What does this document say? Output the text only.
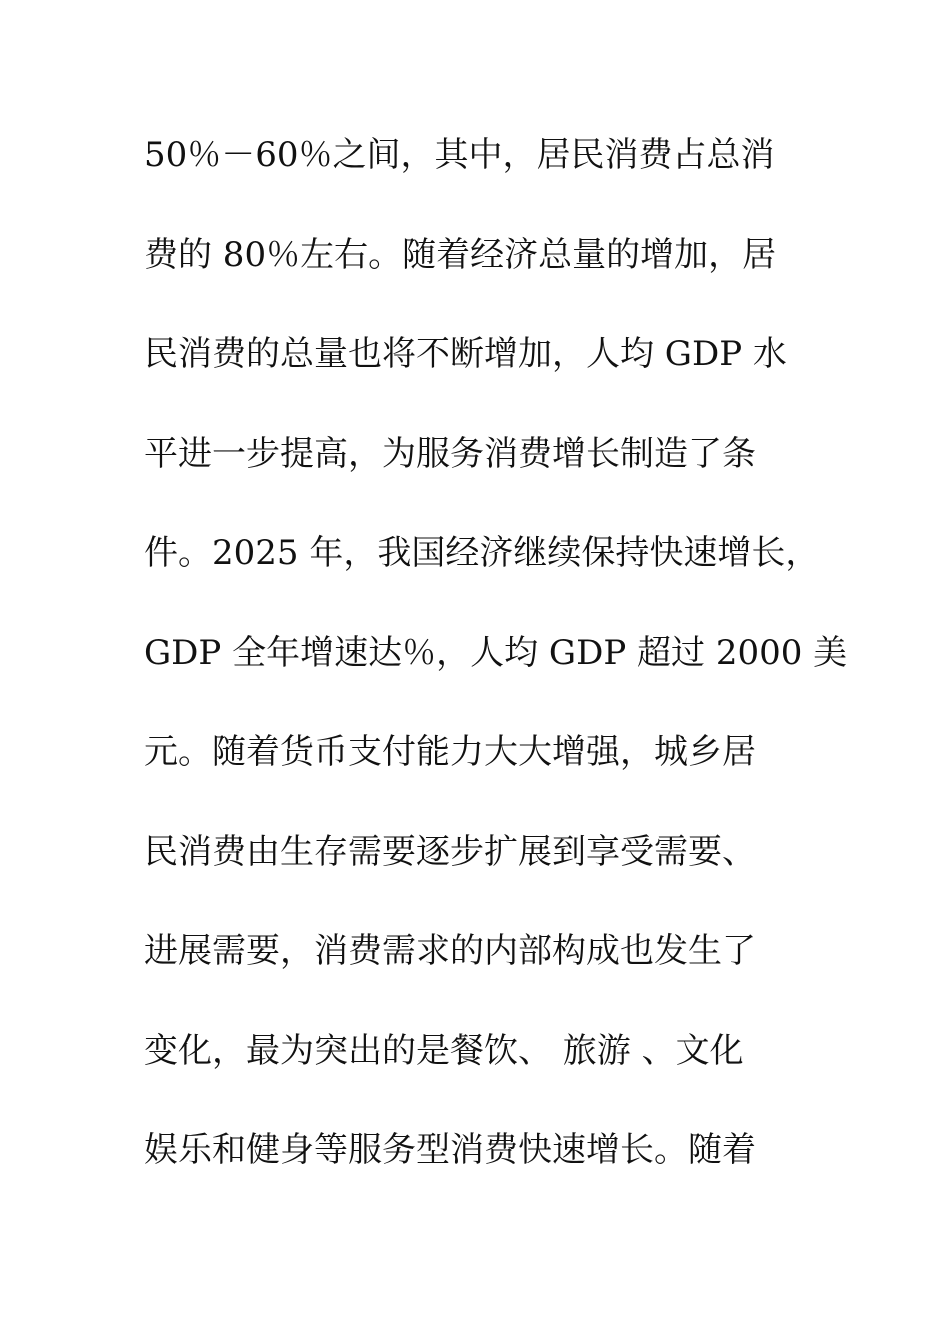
50％－60％之间，其中，居民消费占总消
费的 80％左右。随着经济总量的增加，居
民消费的总量也将不断增加，人均 GDP 水
平进一步提高，为服务消费增长制造了条
件。2025 年，我国经济继续保持快速增长，
GDP 全年增速达％，人均 GDP 超过 2000 美
元。随着货币支付能力大大增强，城乡居
民消费由生存需要逐步扩展到享受需要、
进展需要，消费需求的内部构成也发生了
变化，最为突出的是餐饮、 旅游 、文化
娱乐和健身等服务型消费快速增长。随着
